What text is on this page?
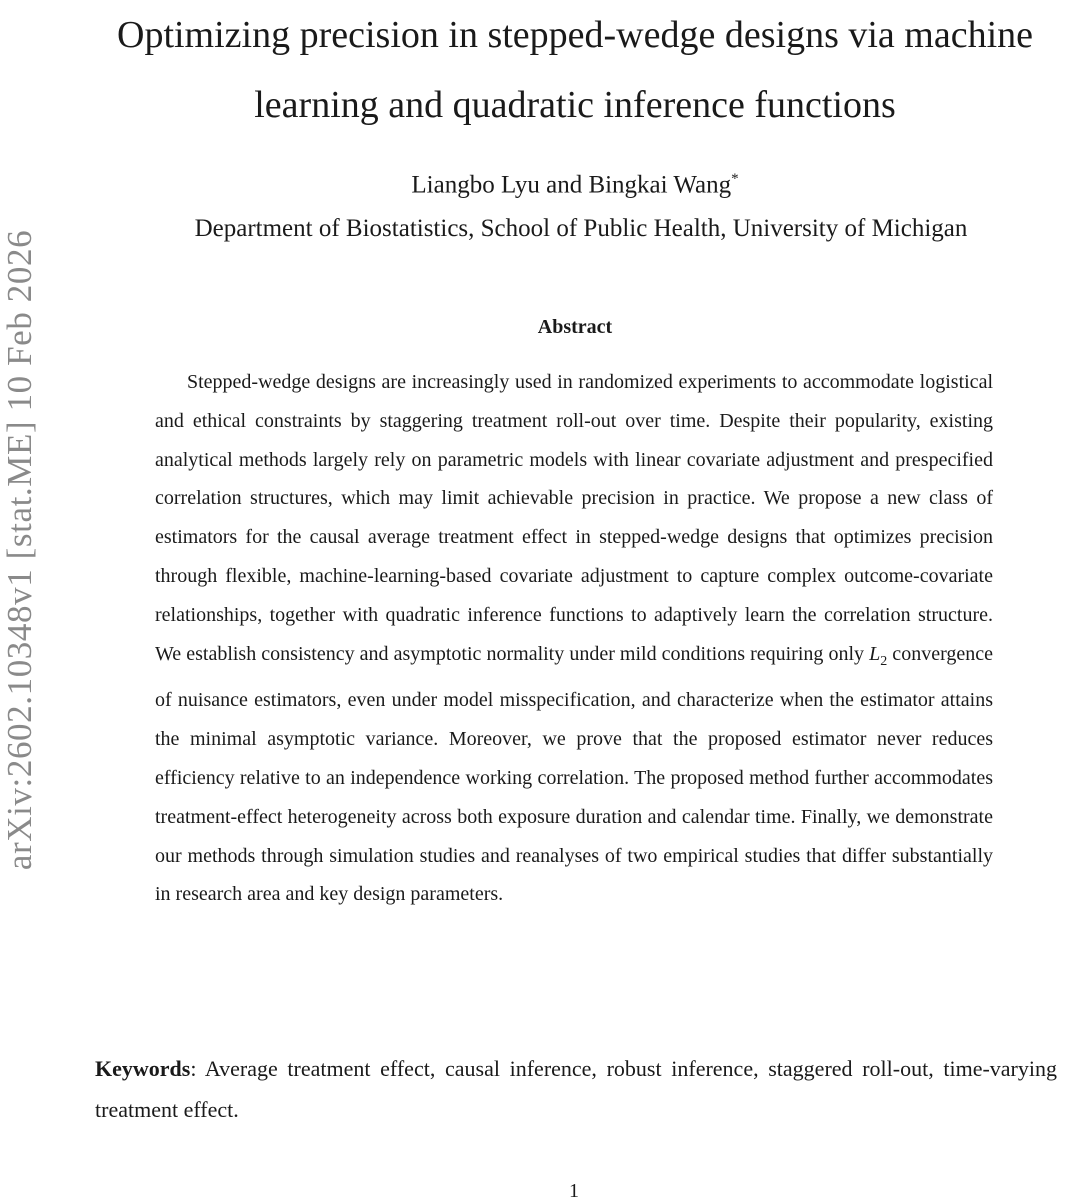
arXiv:2602.10348v1 [stat.ME] 10 Feb 2026
Optimizing precision in stepped-wedge designs via machine learning and quadratic inference functions
Liangbo Lyu and Bingkai Wang*
Department of Biostatistics, School of Public Health, University of Michigan
Abstract

Stepped-wedge designs are increasingly used in randomized experiments to accommodate logistical and ethical constraints by staggering treatment roll-out over time. Despite their popularity, existing analytical methods largely rely on parametric models with linear covariate adjustment and prespecified correlation structures, which may limit achievable precision in practice. We propose a new class of estimators for the causal average treatment effect in stepped-wedge designs that optimizes precision through flexible, machine-learning-based covariate adjustment to capture complex outcome-covariate relationships, together with quadratic inference functions to adaptively learn the correlation structure. We establish consistency and asymptotic normality under mild conditions requiring only $L_2$ convergence of nuisance estimators, even under model misspecification, and characterize when the estimator attains the minimal asymptotic variance. Moreover, we prove that the proposed estimator never reduces efficiency relative to an independence working correlation. The proposed method further accommodates treatment-effect heterogeneity across both exposure duration and calendar time. Finally, we demonstrate our methods through simulation studies and reanalyses of two empirical studies that differ substantially in research area and key design parameters.

Keywords: Average treatment effect, causal inference, robust inference, staggered roll-out, time-varying treatment effect.

1
